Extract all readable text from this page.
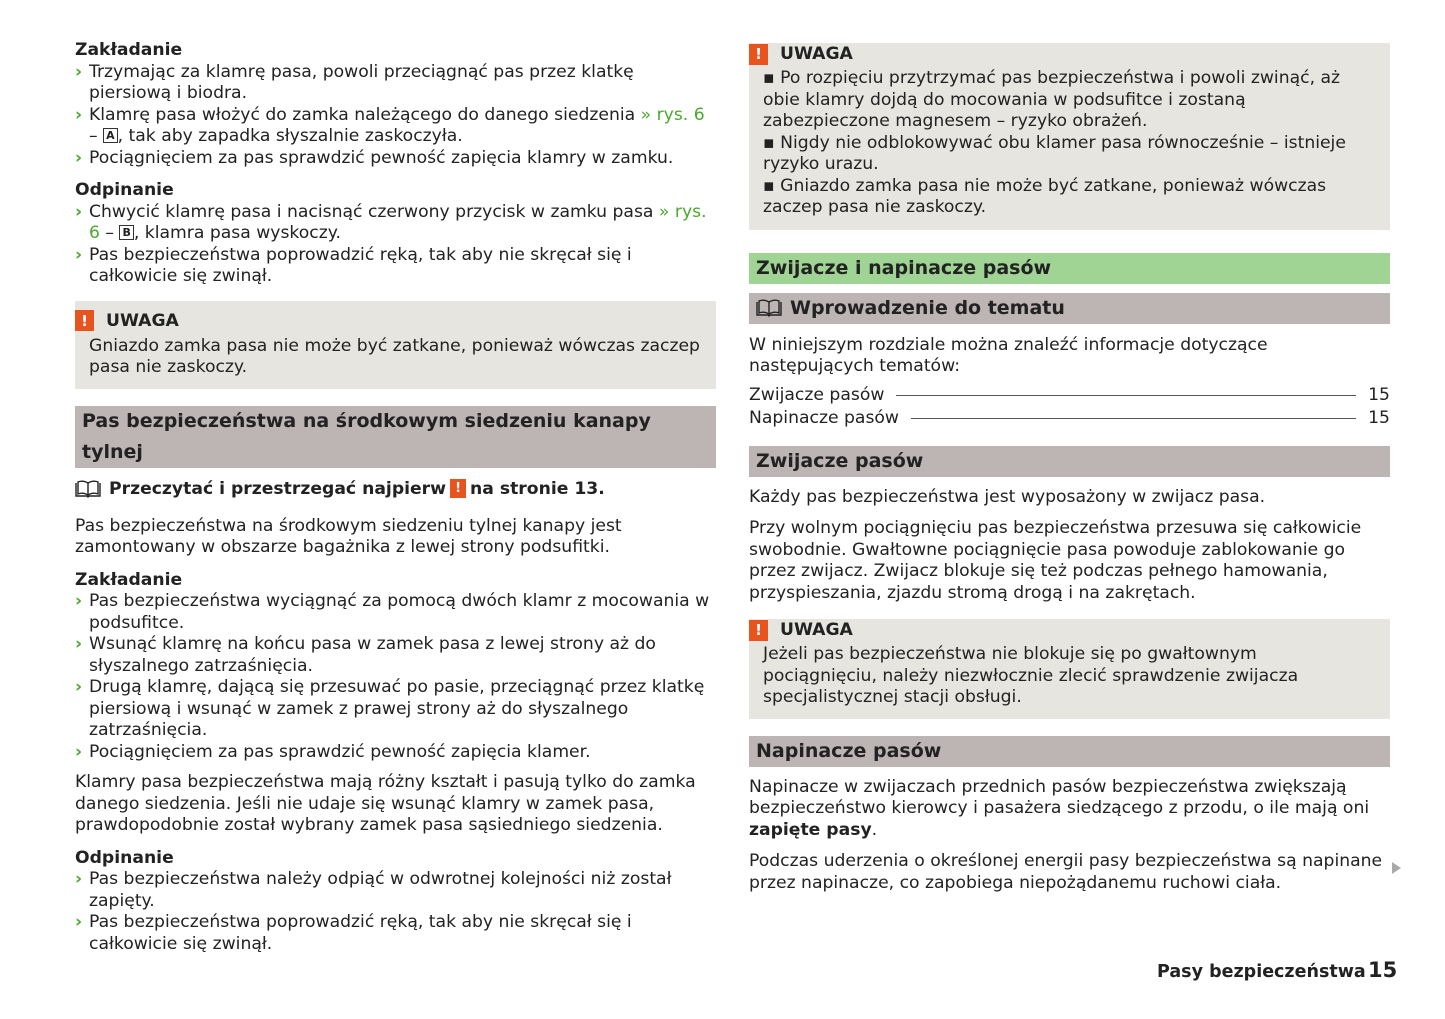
Zakładanie

› Trzymając za klamrę pasa, powoli przeciągnąć pas przez klatkę piersiową i biodra.
› Klamrę pasa włożyć do zamka należącego do danego siedzenia » rys. 6 – A , tak aby zapadka słyszalnie zaskoczyła.
› Pociągnięciem za pas sprawdzić pewność zapięcia klamry w zamku.

Odpinanie

› Chwycić klamrę pasa i nacisnąć czerwony przycisk w zamku pasa » rys. 6 – B , klamra pasa wyskoczy.
› Pas bezpieczeństwa poprowadzić ręką, tak aby nie skręcał się i całkowicie się zwinął.
!	UWAGA
Gniazdo zamka pasa nie może być zatkane, ponieważ wówczas zaczep pasa nie zaskoczy.
Pas bezpieczeństwa na środkowym siedzeniu kanapy tylnej
Przeczytać i przestrzegać najpierw ! na stronie 13.

Pas bezpieczeństwa na środkowym siedzeniu tylnej kanapy jest zamontowany w obszarze bagażnika z lewej strony podsufitki.

Zakładanie

› Pas bezpieczeństwa wyciągnąć za pomocą dwóch klamr z mocowania w podsufitce.
› Wsunąć klamrę na końcu pasa w zamek pasa z lewej strony aż do słyszalnego zatrzaśnięcia.
› Drugą klamrę, dającą się przesuwać po pasie, przeciągnąć przez klatkę piersiową i wsunąć w zamek z prawej strony aż do słyszalnego zatrzaśnięcia.
› Pociągnięciem za pas sprawdzić pewność zapięcia klamer.

Klamry pasa bezpieczeństwa mają różny kształt i pasują tylko do zamka danego siedzenia. Jeśli nie udaje się wsunąć klamry w zamek pasa, prawdopodobnie został wybrany zamek pasa sąsiedniego siedzenia.

Odpinanie

› Pas bezpieczeństwa należy odpiąć w odwrotnej kolejności niż został zapięty.
› Pas bezpieczeństwa poprowadzić ręką, tak aby nie skręcał się i całkowicie się zwinął.
!	UWAGA
▪ Po rozpięciu przytrzymać pas bezpieczeństwa i powoli zwinąć, aż obie klamry dojdą do mocowania w podsufitce i zostaną zabezpieczone magnesem – ryzyko obrażeń.
▪ Nigdy nie odblokowywać obu klamer pasa równocześnie – istnieje ryzyko urazu.
▪ Gniazdo zamka pasa nie może być zatkane, ponieważ wówczas zaczep pasa nie zaskoczy.
Zwijacze i napinacze pasów
Wprowadzenie do tematu

W niniejszym rozdziale można znaleźć informacje dotyczące następujących tematów:

Zwijacze pasów	15
Napinacze pasów	15
Zwijacze pasów

Każdy pas bezpieczeństwa jest wyposażony w zwijacz pasa.

Przy wolnym pociągnięciu pas bezpieczeństwa przesuwa się całkowicie swobodnie. Gwałtowne pociągnięcie pasa powoduje zablokowanie go przez zwijacz. Zwijacz blokuje się też podczas pełnego hamowania, przyspieszania, zjazdu stromą drogą i na zakrętach.

!	UWAGA
Jeżeli pas bezpieczeństwa nie blokuje się po gwałtownym pociągnięciu, należy niezwłocznie zlecić sprawdzenie zwijacza specjalistycznej stacji obsługi.
Napinacze pasów

Napinacze w zwijaczach przednich pasów bezpieczeństwa zwiększają bezpieczeństwo kierowcy i pasażera siedzącego z przodu, o ile mają oni zapięte pasy.

Podczas uderzenia o określonej energii pasy bezpieczeństwa są napinane przez napinacze, co zapobiega niepożądanemu ruchowi ciała.

Pasy bezpieczeństwa 15
